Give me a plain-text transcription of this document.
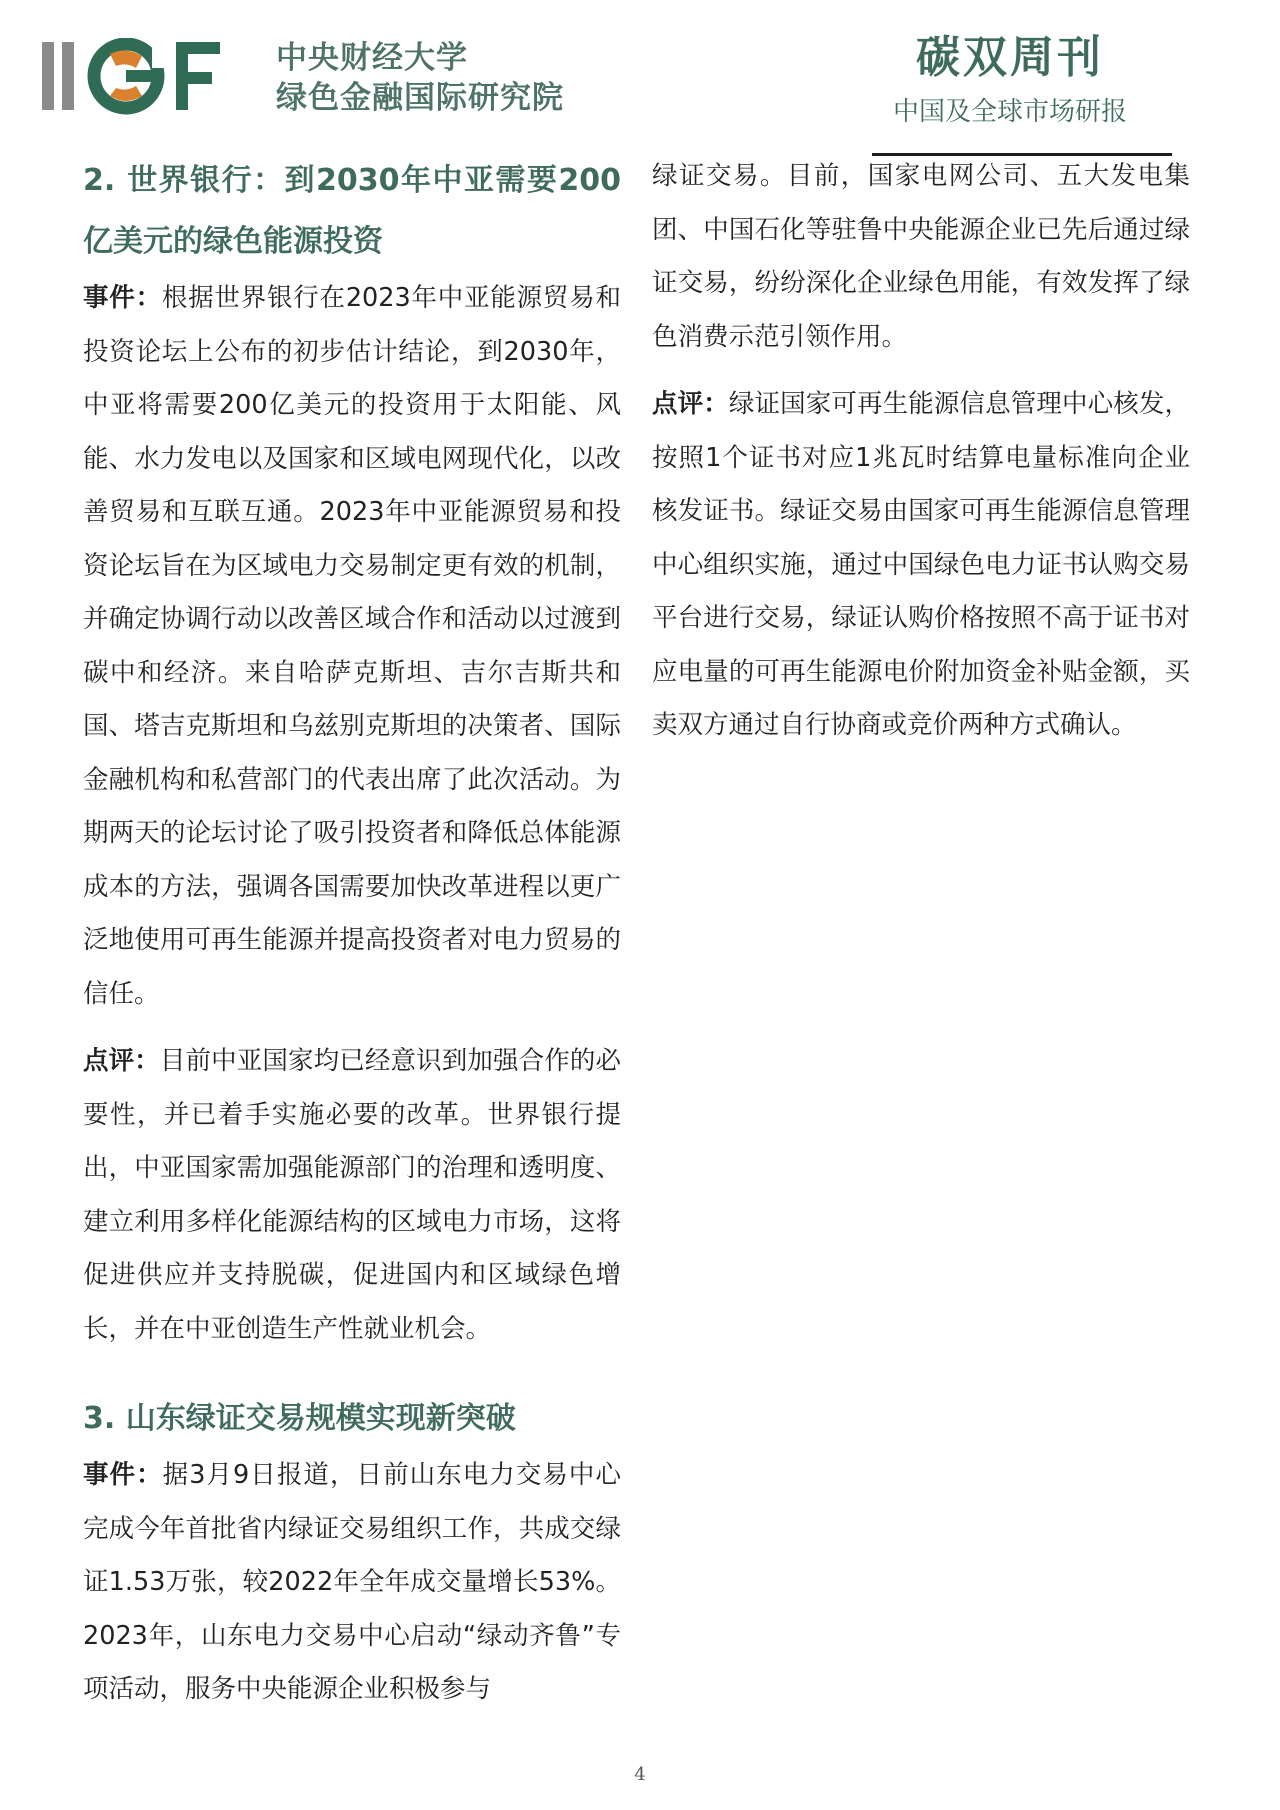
中央财经大学
绿色金融国际研究院
碳双周刊
中国及全球市场研报
2. 世界银行：到2030年中亚需要200亿美元的绿色能源投资

事件：根据世界银行在2023年中亚能源贸易和投资论坛上公布的初步估计结论，到2030年，中亚将需要200亿美元的投资用于太阳能、风能、水力发电以及国家和区域电网现代化，以改善贸易和互联互通。2023年中亚能源贸易和投资论坛旨在为区域电力交易制定更有效的机制，并确定协调行动以改善区域合作和活动以过渡到碳中和经济。来自哈萨克斯坦、吉尔吉斯共和国、塔吉克斯坦和乌兹别克斯坦的决策者、国际金融机构和私营部门的代表出席了此次活动。为期两天的论坛讨论了吸引投资者和降低总体能源成本的方法，强调各国需要加快改革进程以更广泛地使用可再生能源并提高投资者对电力贸易的信任。

点评：目前中亚国家均已经意识到加强合作的必要性，并已着手实施必要的改革。世界银行提出，中亚国家需加强能源部门的治理和透明度、建立利用多样化能源结构的区域电力市场，这将促进供应并支持脱碳，促进国内和区域绿色增长，并在中亚创造生产性就业机会。

3. 山东绿证交易规模实现新突破

事件：据3月9日报道，日前山东电力交易中心完成今年首批省内绿证交易组织工作，共成交绿证1.53万张，较2022年全年成交量增长53%。2023年，山东电力交易中心启动“绿动齐鲁”专项活动，服务中央能源企业积极参与

绿证交易。目前，国家电网公司、五大发电集团、中国石化等驻鲁中央能源企业已先后通过绿证交易，纷纷深化企业绿色用能，有效发挥了绿色消费示范引领作用。

点评：绿证国家可再生能源信息管理中心核发，按照1个证书对应1兆瓦时结算电量标准向企业核发证书。绿证交易由国家可再生能源信息管理中心组织实施，通过中国绿色电力证书认购交易平台进行交易，绿证认购价格按照不高于证书对应电量的可再生能源电价附加资金补贴金额，买卖双方通过自行协商或竞价两种方式确认。

4
